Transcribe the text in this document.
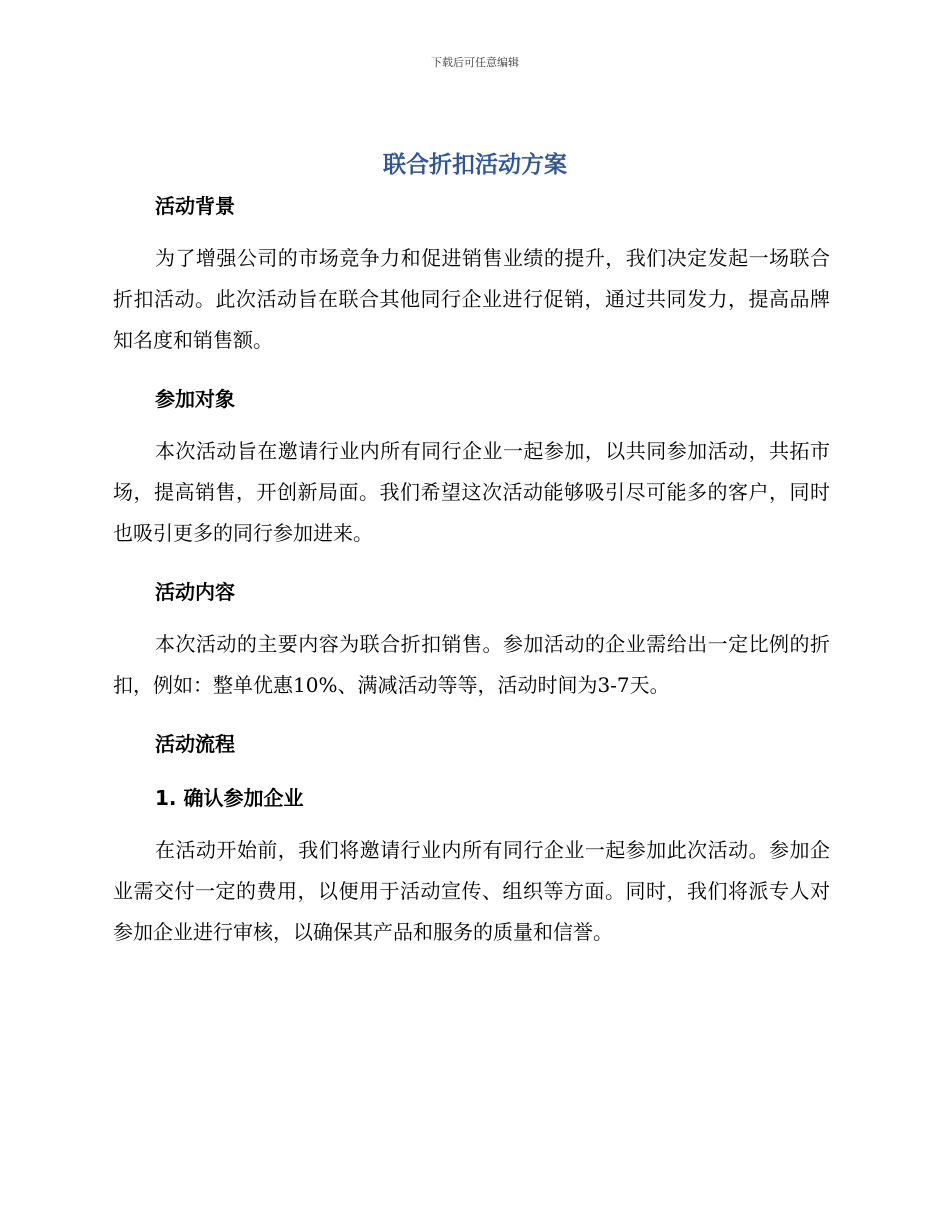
下载后可任意编辑
联合折扣活动方案

活动背景

为了增强公司的市场竞争力和促进销售业绩的提升，我们决定发起一场联合折扣活动。此次活动旨在联合其他同行企业进行促销，通过共同发力，提高品牌知名度和销售额。

参加对象

本次活动旨在邀请行业内所有同行企业一起参加，以共同参加活动，共拓市场，提高销售，开创新局面。我们希望这次活动能够吸引尽可能多的客户，同时也吸引更多的同行参加进来。

活动内容

本次活动的主要内容为联合折扣销售。参加活动的企业需给出一定比例的折扣，例如：整单优惠10%、满减活动等等，活动时间为3-7天。

活动流程

1. 确认参加企业

在活动开始前，我们将邀请行业内所有同行企业一起参加此次活动。参加企业需交付一定的费用，以便用于活动宣传、组织等方面。同时，我们将派专人对参加企业进行审核，以确保其产品和服务的质量和信誉。
